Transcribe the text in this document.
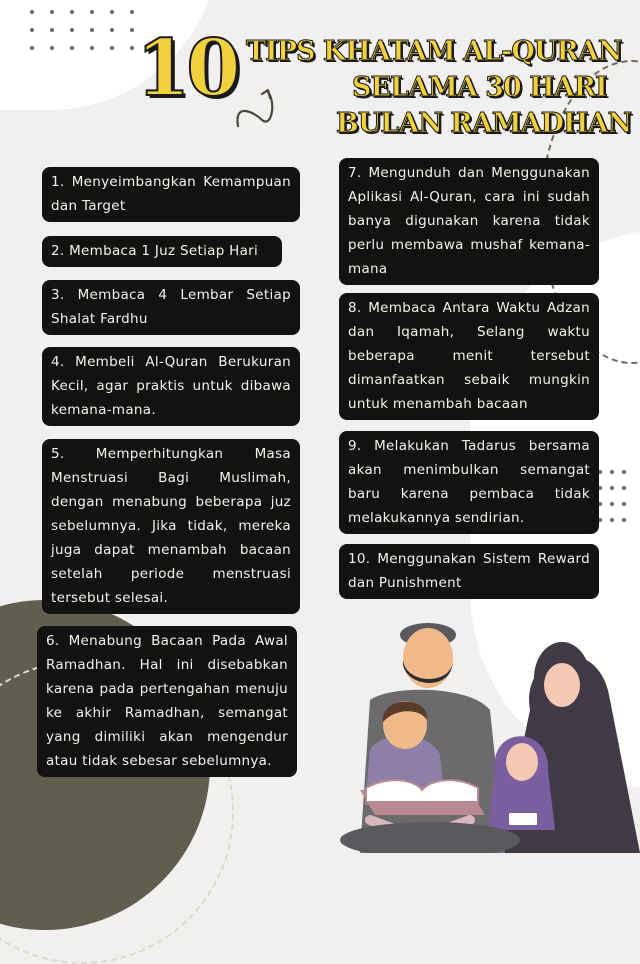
10 TIPS KHATAM AL-QURAN
SELAMA 30 HARI
BULAN RAMADHAN
1. Menyeimbangkan Kemampuan dan Target
2. Membaca 1 Juz Setiap Hari
3. Membaca 4 Lembar Setiap Shalat Fardhu
4. Membeli Al-Quran Berukuran Kecil, agar praktis untuk dibawa kemana-mana.
5. Memperhitungkan Masa Menstruasi Bagi Muslimah, dengan menabung beberapa juz sebelumnya. Jika tidak, mereka juga dapat menambah bacaan setelah periode menstruasi tersebut selesai.
6. Menabung Bacaan Pada Awal Ramadhan. Hal ini disebabkan karena pada pertengahan menuju ke akhir Ramadhan, semangat yang dimiliki akan mengendur atau tidak sebesar sebelumnya.
7. Mengunduh dan Menggunakan Aplikasi Al-Quran, cara ini sudah banya digunakan karena tidak perlu membawa mushaf kemana-mana
8. Membaca Antara Waktu Adzan dan Iqamah, Selang waktu beberapa menit tersebut dimanfaatkan sebaik mungkin untuk menambah bacaan
9. Melakukan Tadarus bersama akan menimbulkan semangat baru karena pembaca tidak melakukannya sendirian.
10. Menggunakan Sistem Reward dan Punishment
